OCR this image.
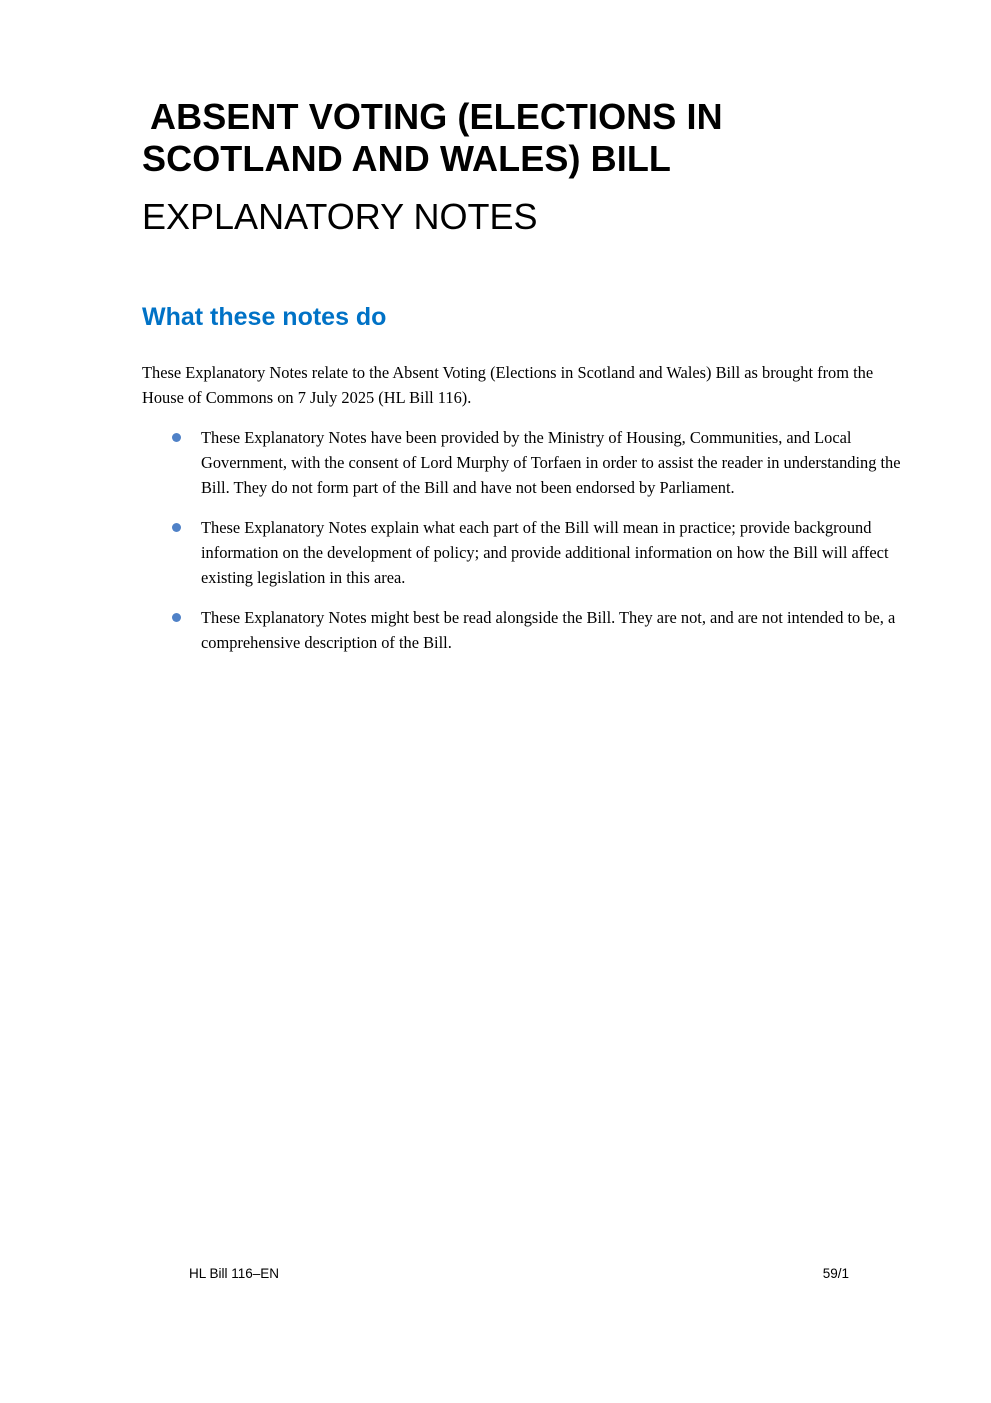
ABSENT VOTING (ELECTIONS IN
SCOTLAND AND WALES) BILL
EXPLANATORY NOTES
What these notes do

These Explanatory Notes relate to the Absent Voting (Elections in Scotland and Wales) Bill as brought from the House of Commons on 7 July 2025 (HL Bill 116).

These Explanatory Notes have been provided by the Ministry of Housing, Communities, and Local Government, with the consent of Lord Murphy of Torfaen in order to assist the reader in understanding the Bill. They do not form part of the Bill and have not been endorsed by Parliament.
These Explanatory Notes explain what each part of the Bill will mean in practice; provide background information on the development of policy; and provide additional information on how the Bill will affect existing legislation in this area.
These Explanatory Notes might best be read alongside the Bill. They are not, and are not intended to be, a comprehensive description of the Bill.

HL Bill 116–EN	59/1
